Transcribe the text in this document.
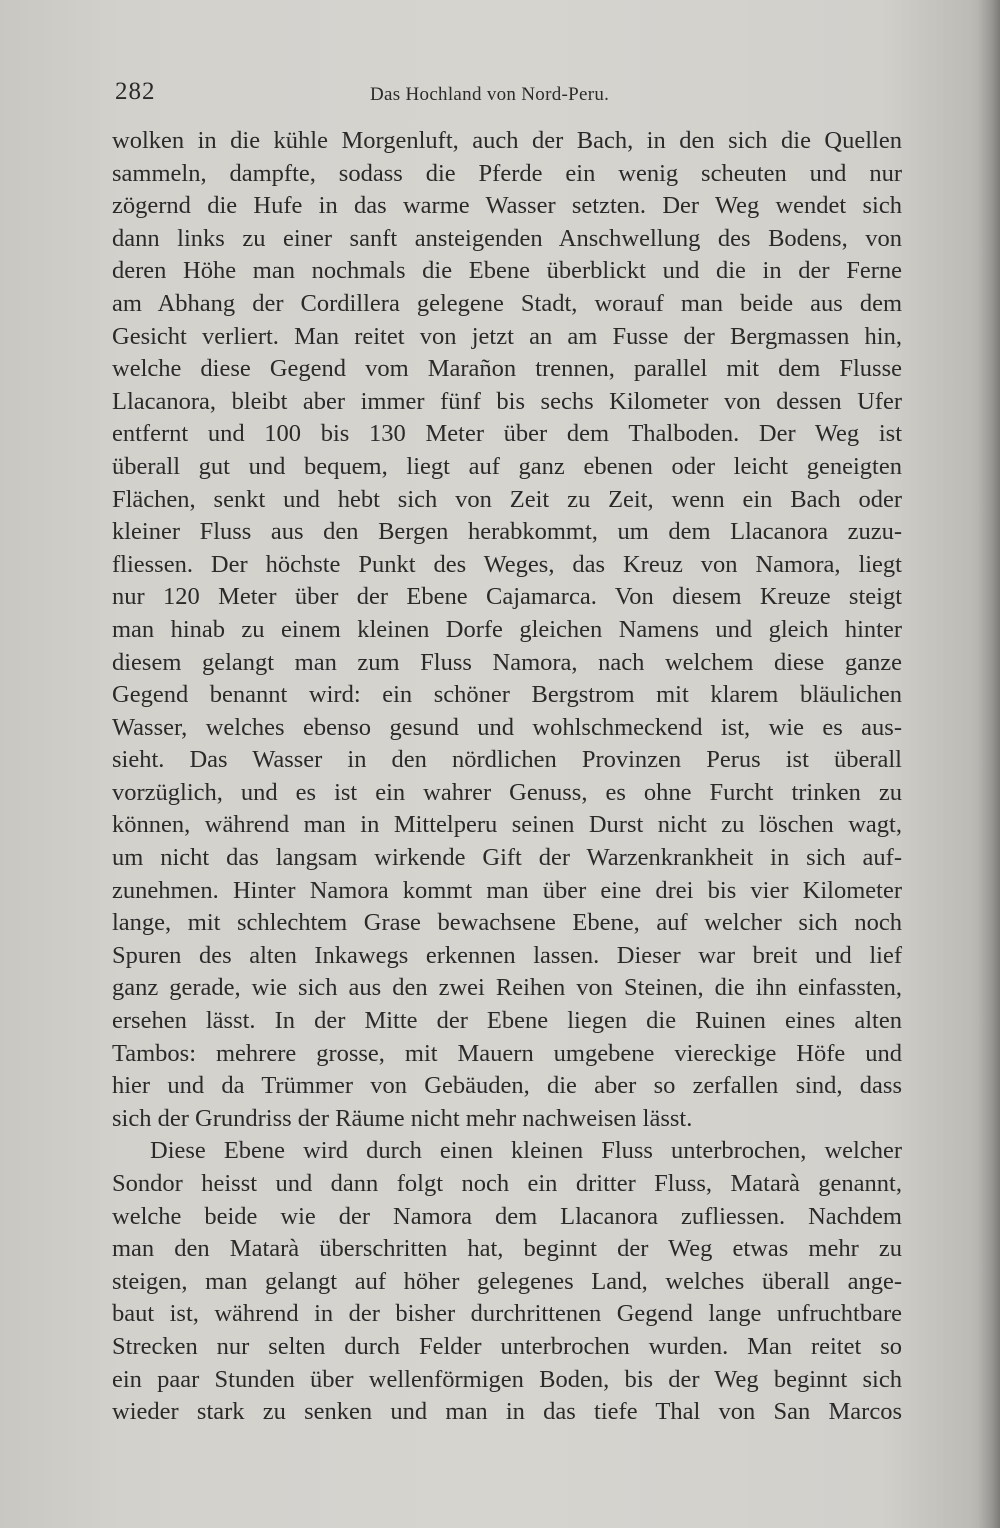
282	Das Hochland von Nord-Peru.
wolken in die kühle Morgenluft, auch der Bach, in den sich die Quellen
sammeln, dampfte, sodass die Pferde ein wenig scheuten und nur
zögernd die Hufe in das warme Wasser setzten. Der Weg wendet sich
dann links zu einer sanft ansteigenden Anschwellung des Bodens, von
deren Höhe man nochmals die Ebene überblickt und die in der Ferne
am Abhang der Cordillera gelegene Stadt, worauf man beide aus dem
Gesicht verliert. Man reitet von jetzt an am Fusse der Bergmassen hin,
welche diese Gegend vom Marañon trennen, parallel mit dem Flusse
Llacanora, bleibt aber immer fünf bis sechs Kilometer von dessen Ufer
entfernt und 100 bis 130 Meter über dem Thalboden. Der Weg ist
überall gut und bequem, liegt auf ganz ebenen oder leicht geneigten
Flächen, senkt und hebt sich von Zeit zu Zeit, wenn ein Bach oder
kleiner Fluss aus den Bergen herabkommt, um dem Llacanora zuzu-
fliessen. Der höchste Punkt des Weges, das Kreuz von Namora, liegt
nur 120 Meter über der Ebene Cajamarca. Von diesem Kreuze steigt
man hinab zu einem kleinen Dorfe gleichen Namens und gleich hinter
diesem gelangt man zum Fluss Namora, nach welchem diese ganze
Gegend benannt wird: ein schöner Bergstrom mit klarem bläulichen
Wasser, welches ebenso gesund und wohlschmeckend ist, wie es aus-
sieht. Das Wasser in den nördlichen Provinzen Perus ist überall
vorzüglich, und es ist ein wahrer Genuss, es ohne Furcht trinken zu
können, während man in Mittelperu seinen Durst nicht zu löschen wagt,
um nicht das langsam wirkende Gift der Warzenkrankheit in sich auf-
zunehmen. Hinter Namora kommt man über eine drei bis vier Kilometer
lange, mit schlechtem Grase bewachsene Ebene, auf welcher sich noch
Spuren des alten Inkawegs erkennen lassen. Dieser war breit und lief
ganz gerade, wie sich aus den zwei Reihen von Steinen, die ihn einfassten,
ersehen lässt. In der Mitte der Ebene liegen die Ruinen eines alten
Tambos: mehrere grosse, mit Mauern umgebene viereckige Höfe und
hier und da Trümmer von Gebäuden, die aber so zerfallen sind, dass
sich der Grundriss der Räume nicht mehr nachweisen lässt.
Diese Ebene wird durch einen kleinen Fluss unterbrochen, welcher
Sondor heisst und dann folgt noch ein dritter Fluss, Matarà genannt,
welche beide wie der Namora dem Llacanora zufliessen. Nachdem
man den Matarà überschritten hat, beginnt der Weg etwas mehr zu
steigen, man gelangt auf höher gelegenes Land, welches überall ange-
baut ist, während in der bisher durchrittenen Gegend lange unfruchtbare
Strecken nur selten durch Felder unterbrochen wurden. Man reitet so
ein paar Stunden über wellenförmigen Boden, bis der Weg beginnt sich
wieder stark zu senken und man in das tiefe Thal von San Marcos
